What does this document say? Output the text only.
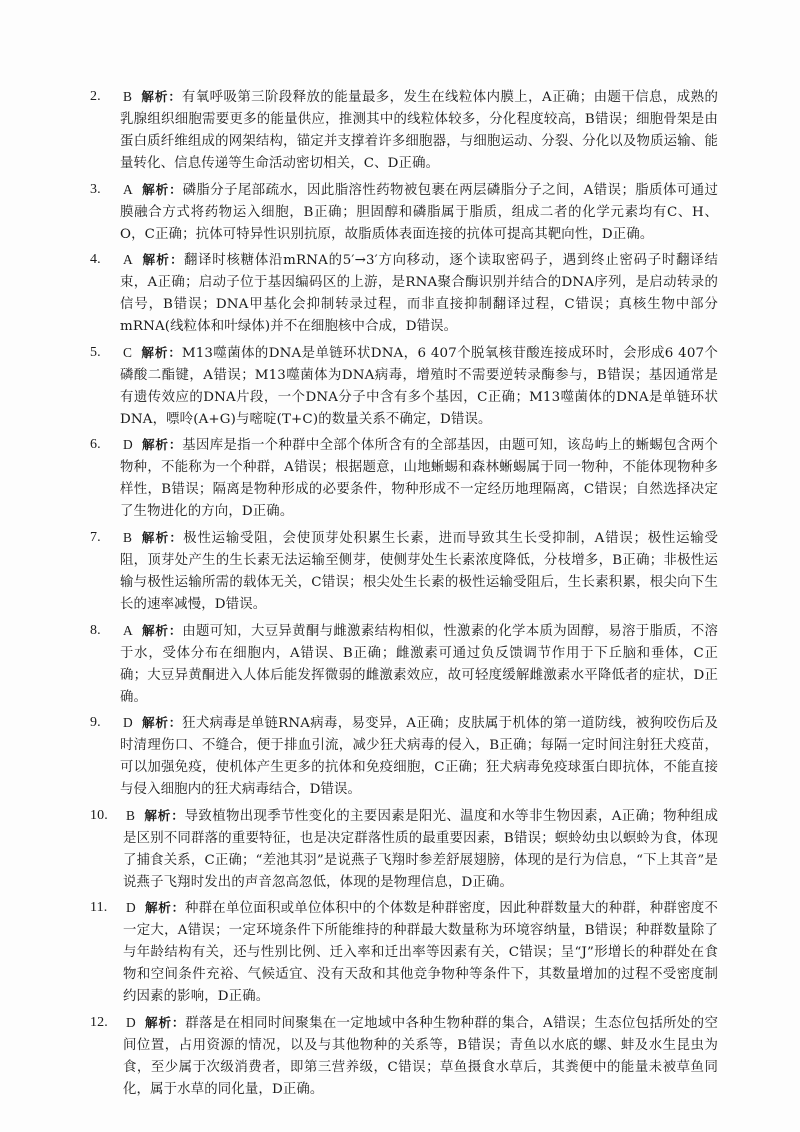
2. B 解析：有氧呼吸第三阶段释放的能量最多，发生在线粒体内膜上，A正确；由题干信息，成熟的乳腺组织细胞需要更多的能量供应，推测其中的线粒体较多，分化程度较高，B错误；细胞骨架是由蛋白质纤维组成的网架结构，锚定并支撑着许多细胞器，与细胞运动、分裂、分化以及物质运输、能量转化、信息传递等生命活动密切相关，C、D正确。
3. A 解析：磷脂分子尾部疏水，因此脂溶性药物被包裹在两层磷脂分子之间，A错误；脂质体可通过膜融合方式将药物运入细胞，B正确；胆固醇和磷脂属于脂质，组成二者的化学元素均有C、H、O，C正确；抗体可特异性识别抗原，故脂质体表面连接的抗体可提高其靶向性，D正确。
4. A 解析：翻译时核糖体沿mRNA的5′→3′方向移动，逐个读取密码子，遇到终止密码子时翻译结束，A正确；启动子位于基因编码区的上游，是RNA聚合酶识别并结合的DNA序列，是启动转录的信号，B错误；DNA甲基化会抑制转录过程，而非直接抑制翻译过程，C错误；真核生物中部分mRNA(线粒体和叶绿体)并不在细胞核中合成，D错误。
5. C 解析：M13噬菌体的DNA是单链环状DNA，6 407个脱氧核苷酸连接成环时，会形成6 407个磷酸二酯键，A错误；M13噬菌体为DNA病毒，增殖时不需要逆转录酶参与，B错误；基因通常是有遗传效应的DNA片段，一个DNA分子中含有多个基因，C正确；M13噬菌体的DNA是单链环状DNA，嘌呤(A+G)与嘧啶(T+C)的数量关系不确定，D错误。
6. D 解析：基因库是指一个种群中全部个体所含有的全部基因，由题可知，该岛屿上的蜥蜴包含两个物种，不能称为一个种群，A错误；根据题意，山地蜥蜴和森林蜥蜴属于同一物种，不能体现物种多样性，B错误；隔离是物种形成的必要条件，物种形成不一定经历地理隔离，C错误；自然选择决定了生物进化的方向，D正确。
7. B 解析：极性运输受阻，会使顶芽处积累生长素，进而导致其生长受抑制，A错误；极性运输受阻，顶芽处产生的生长素无法运输至侧芽，使侧芽处生长素浓度降低，分枝增多，B正确；非极性运输与极性运输所需的载体无关，C错误；根尖处生长素的极性运输受阻后，生长素积累，根尖向下生长的速率减慢，D错误。
8. A 解析：由题可知，大豆异黄酮与雌激素结构相似，性激素的化学本质为固醇，易溶于脂质，不溶于水，受体分布在细胞内，A错误、B正确；雌激素可通过负反馈调节作用于下丘脑和垂体，C正确；大豆异黄酮进入人体后能发挥微弱的雌激素效应，故可轻度缓解雌激素水平降低者的症状，D正确。
9. D 解析：狂犬病毒是单链RNA病毒，易变异，A正确；皮肤属于机体的第一道防线，被狗咬伤后及时清理伤口、不缝合，便于排血引流，减少狂犬病毒的侵入，B正确；每隔一定时间注射狂犬疫苗，可以加强免疫，使机体产生更多的抗体和免疫细胞，C正确；狂犬病毒免疫球蛋白即抗体，不能直接与侵入细胞内的狂犬病毒结合，D错误。
10. B 解析：导致植物出现季节性变化的主要因素是阳光、温度和水等非生物因素，A正确；物种组成是区别不同群落的重要特征，也是决定群落性质的最重要因素，B错误；螟蛉幼虫以螟蛉为食，体现了捕食关系，C正确；“差池其羽”是说燕子飞翔时参差舒展翅膀，体现的是行为信息，“下上其音”是说燕子飞翔时发出的声音忽高忽低，体现的是物理信息，D正确。
11. D 解析：种群在单位面积或单位体积中的个体数是种群密度，因此种群数量大的种群，种群密度不一定大，A错误；一定环境条件下所能维持的种群最大数量称为环境容纳量，B错误；种群数量除了与年龄结构有关，还与性别比例、迁入率和迁出率等因素有关，C错误；呈“J”形增长的种群处在食物和空间条件充裕、气候适宜、没有天敌和其他竞争物种等条件下，其数量增加的过程不受密度制约因素的影响，D正确。
12. D 解析：群落是在相同时间聚集在一定地域中各种生物种群的集合，A错误；生态位包括所处的空间位置，占用资源的情况，以及与其他物种的关系等，B错误；青鱼以水底的螺、蚌及水生昆虫为食，至少属于次级消费者，即第三营养级，C错误；草鱼摄食水草后，其粪便中的能量未被草鱼同化，属于水草的同化量，D正确。
